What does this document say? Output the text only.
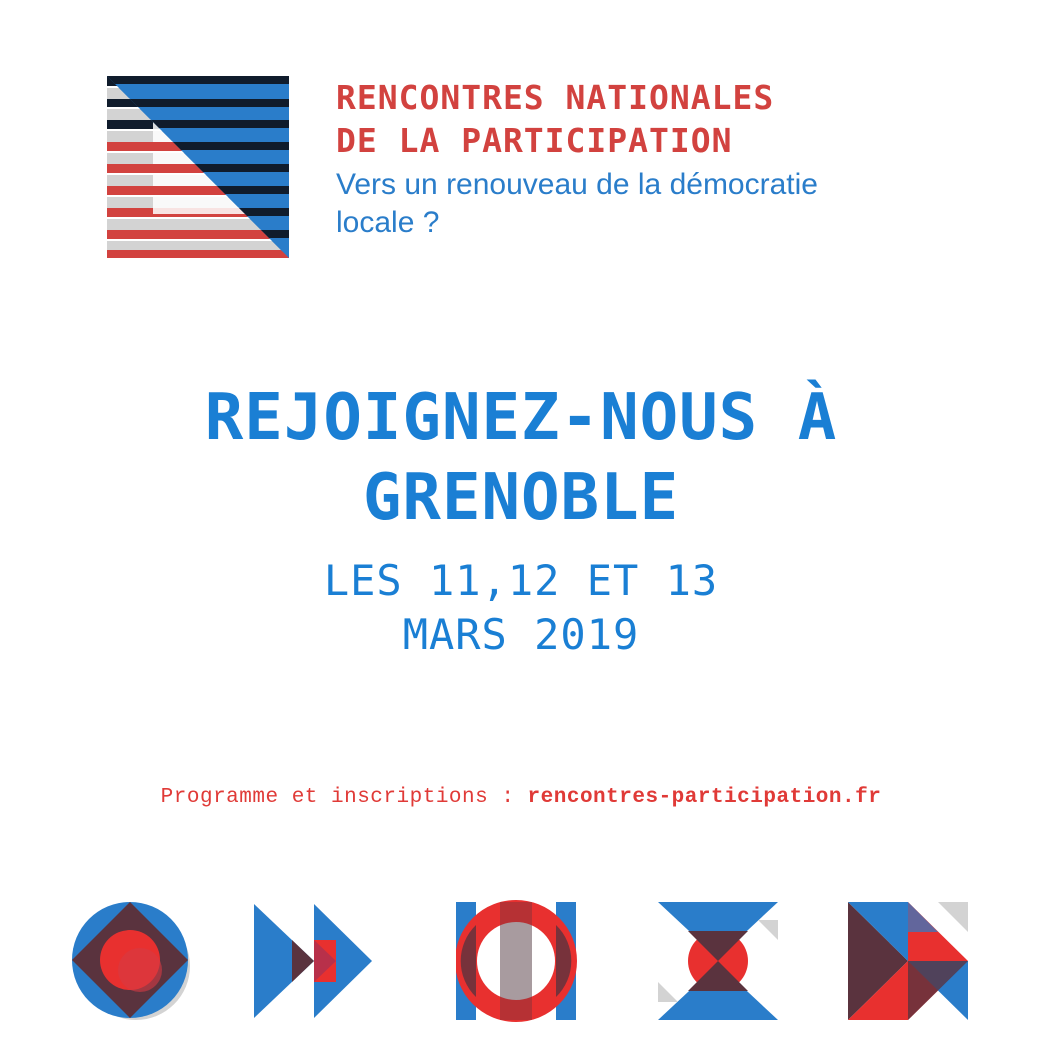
RENCONTRES NATIONALES

DE LA PARTICIPATION

Vers un renouveau de la démocratie locale ?

REJOIGNEZ-NOUS À
GRENOBLE
LES 11,12 ET 13
MARS 2019
Programme et inscriptions : rencontres-participation.fr
